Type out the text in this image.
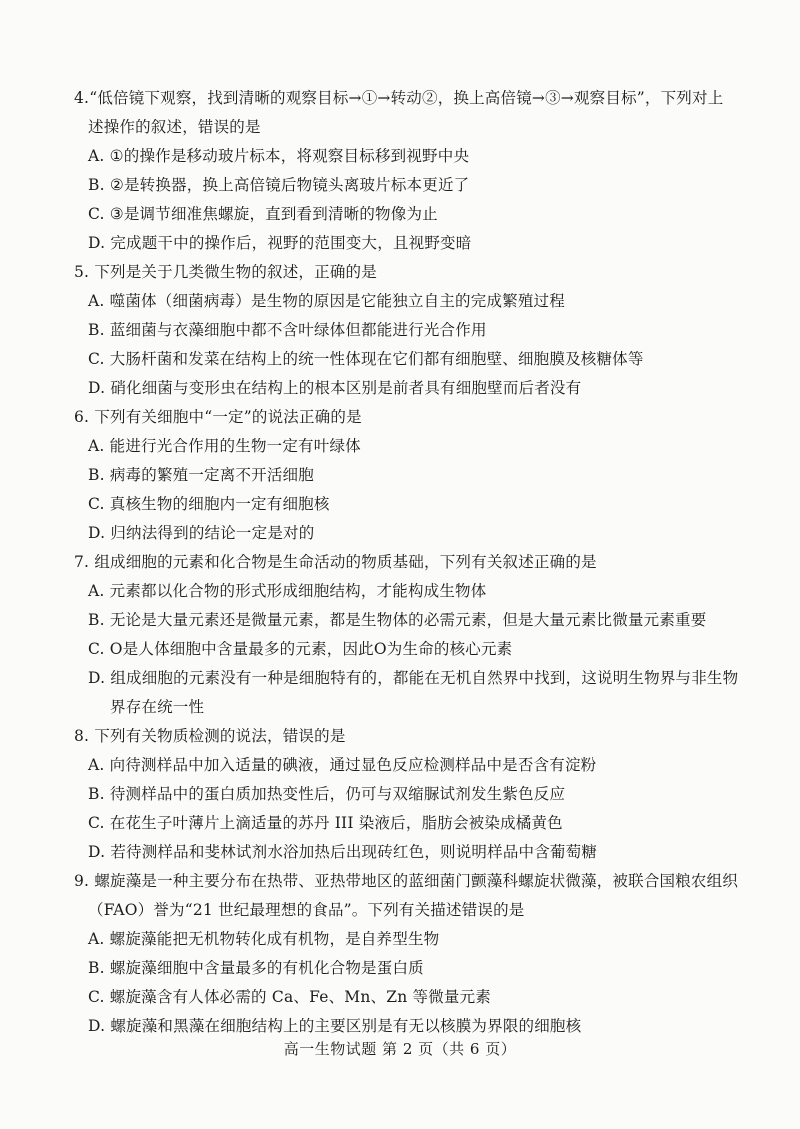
4.“低倍镜下观察，找到清晰的观察目标→①→转动②，换上高倍镜→③→观察目标”，下列对上
述操作的叙述，错误的是

A. ①的操作是移动玻片标本，将观察目标移到视野中央

B. ②是转换器，换上高倍镜后物镜头离玻片标本更近了

C. ③是调节细准焦螺旋，直到看到清晰的物像为止

D. 完成题干中的操作后，视野的范围变大，且视野变暗

5. 下列是关于几类微生物的叙述，正确的是

A. 噬菌体（细菌病毒）是生物的原因是它能独立自主的完成繁殖过程

B. 蓝细菌与衣藻细胞中都不含叶绿体但都能进行光合作用

C. 大肠杆菌和发菜在结构上的统一性体现在它们都有细胞壁、细胞膜及核糖体等

D. 硝化细菌与变形虫在结构上的根本区别是前者具有细胞壁而后者没有

6. 下列有关细胞中“一定”的说法正确的是

A. 能进行光合作用的生物一定有叶绿体

B. 病毒的繁殖一定离不开活细胞

C. 真核生物的细胞内一定有细胞核

D. 归纳法得到的结论一定是对的

7. 组成细胞的元素和化合物是生命活动的物质基础，下列有关叙述正确的是

A. 元素都以化合物的形式形成细胞结构，才能构成生物体

B. 无论是大量元素还是微量元素，都是生物体的必需元素，但是大量元素比微量元素重要

C. O是人体细胞中含量最多的元素，因此O为生命的核心元素

D. 组成细胞的元素没有一种是细胞特有的，都能在无机自然界中找到，这说明生物界与非生物
界存在统一性

8. 下列有关物质检测的说法，错误的是

A. 向待测样品中加入适量的碘液，通过显色反应检测样品中是否含有淀粉

B. 待测样品中的蛋白质加热变性后，仍可与双缩脲试剂发生紫色反应

C. 在花生子叶薄片上滴适量的苏丹 III 染液后，脂肪会被染成橘黄色

D. 若待测样品和斐林试剂水浴加热后出现砖红色，则说明样品中含葡萄糖

9. 螺旋藻是一种主要分布在热带、亚热带地区的蓝细菌门颤藻科螺旋状微藻，被联合国粮农组织
（FAO）誉为“21 世纪最理想的食品”。下列有关描述错误的是

A. 螺旋藻能把无机物转化成有机物，是自养型生物

B. 螺旋藻细胞中含量最多的有机化合物是蛋白质

C. 螺旋藻含有人体必需的 Ca、Fe、Mn、Zn 等微量元素

D. 螺旋藻和黑藻在细胞结构上的主要区别是有无以核膜为界限的细胞核

高一生物试题 第 2 页（共 6 页）
